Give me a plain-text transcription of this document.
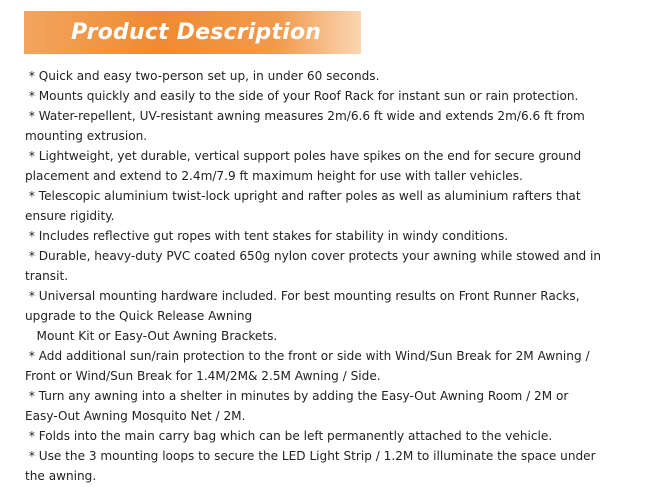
Product Description
* Quick and easy two-person set up, in under 60 seconds.
* Mounts quickly and easily to the side of your Roof Rack for instant sun or rain protection.
* Water-repellent, UV-resistant awning measures 2m/6.6 ft wide and extends 2m/6.6 ft from
mounting extrusion.
* Lightweight, yet durable, vertical support poles have spikes on the end for secure ground
placement and extend to 2.4m/7.9 ft maximum height for use with taller vehicles.
* Telescopic aluminium twist-lock upright and rafter poles as well as aluminium rafters that
ensure rigidity.
* Includes reflective gut ropes with tent stakes for stability in windy conditions.
* Durable, heavy-duty PVC coated 650g nylon cover protects your awning while stowed and in
transit.
* Universal mounting hardware included. For best mounting results on Front Runner Racks,
upgrade to the Quick Release Awning
Mount Kit or Easy-Out Awning Brackets.
* Add additional sun/rain protection to the front or side with Wind/Sun Break for 2M Awning /
Front or Wind/Sun Break for 1.4M/2M& 2.5M Awning / Side.
* Turn any awning into a shelter in minutes by adding the Easy-Out Awning Room / 2M or
Easy-Out Awning Mosquito Net / 2M.
* Folds into the main carry bag which can be left permanently attached to the vehicle.
* Use the 3 mounting loops to secure the LED Light Strip / 1.2M to illuminate the space under
the awning.
